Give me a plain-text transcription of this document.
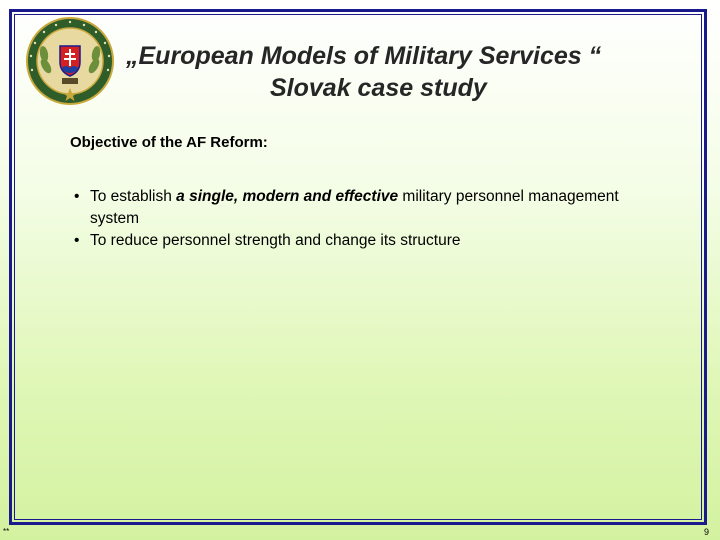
„European Models of Military Services “
Slovak case study
Objective of the AF Reform:
• To establish a single, modern and effective military personnel management system
• To reduce personnel strength and change its structure
**	9
